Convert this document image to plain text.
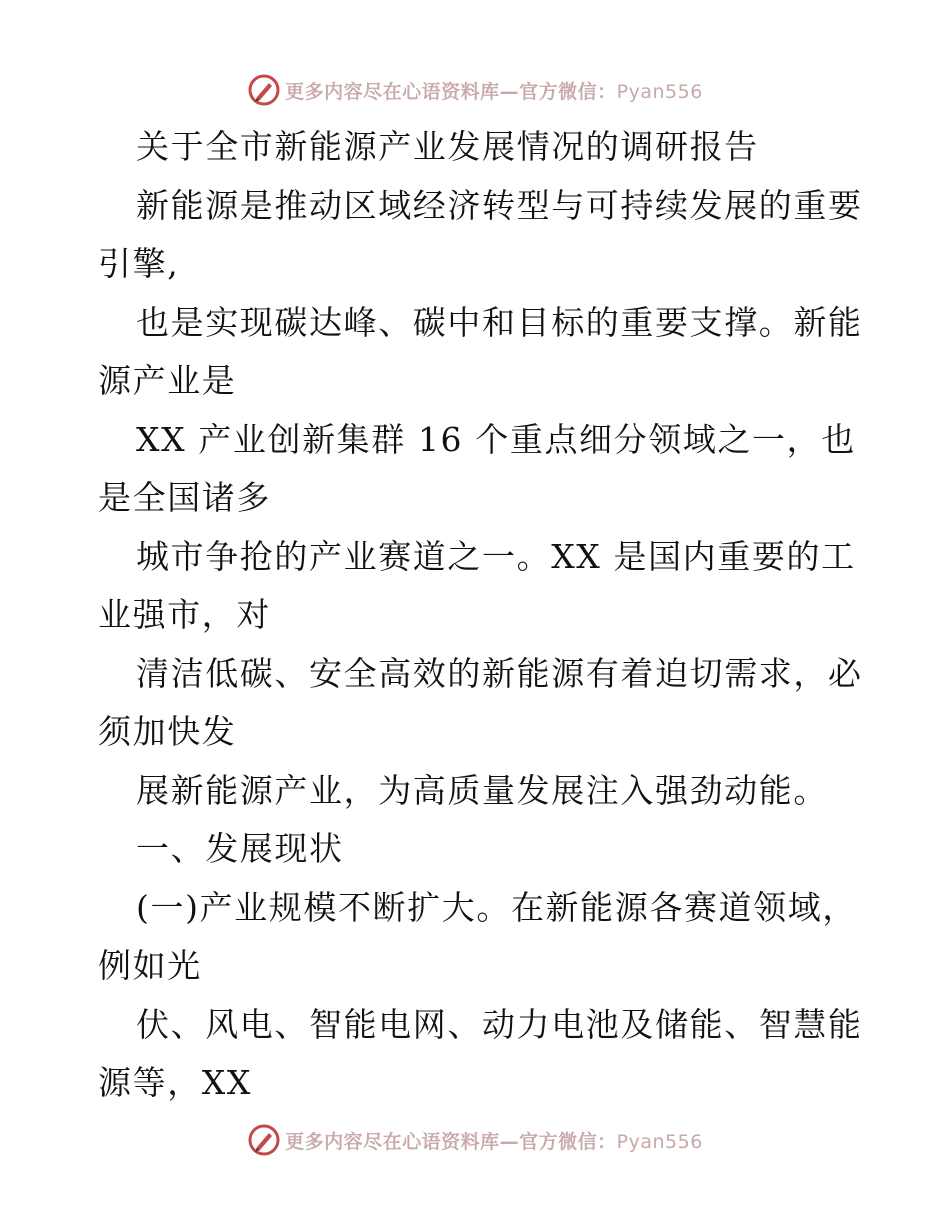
更多内容尽在心语资料库—官方微信：Pyan556
关于全市新能源产业发展情况的调研报告
新能源是推动区域经济转型与可持续发展的重要
引擎,
也是实现碳达峰、碳中和目标的重要支撑。新能
源产业是
XX 产业创新集群 16 个重点细分领域之一，也
是全国诸多
城市争抢的产业赛道之一。XX 是国内重要的工
业强市，对
清洁低碳、安全高效的新能源有着迫切需求，必
须加快发
展新能源产业，为高质量发展注入强劲动能。
一、发展现状
(一)产业规模不断扩大。在新能源各赛道领域，
例如光
伏、风电、智能电网、动力电池及储能、智慧能
源等，XX
更多内容尽在心语资料库—官方微信：Pyan556
